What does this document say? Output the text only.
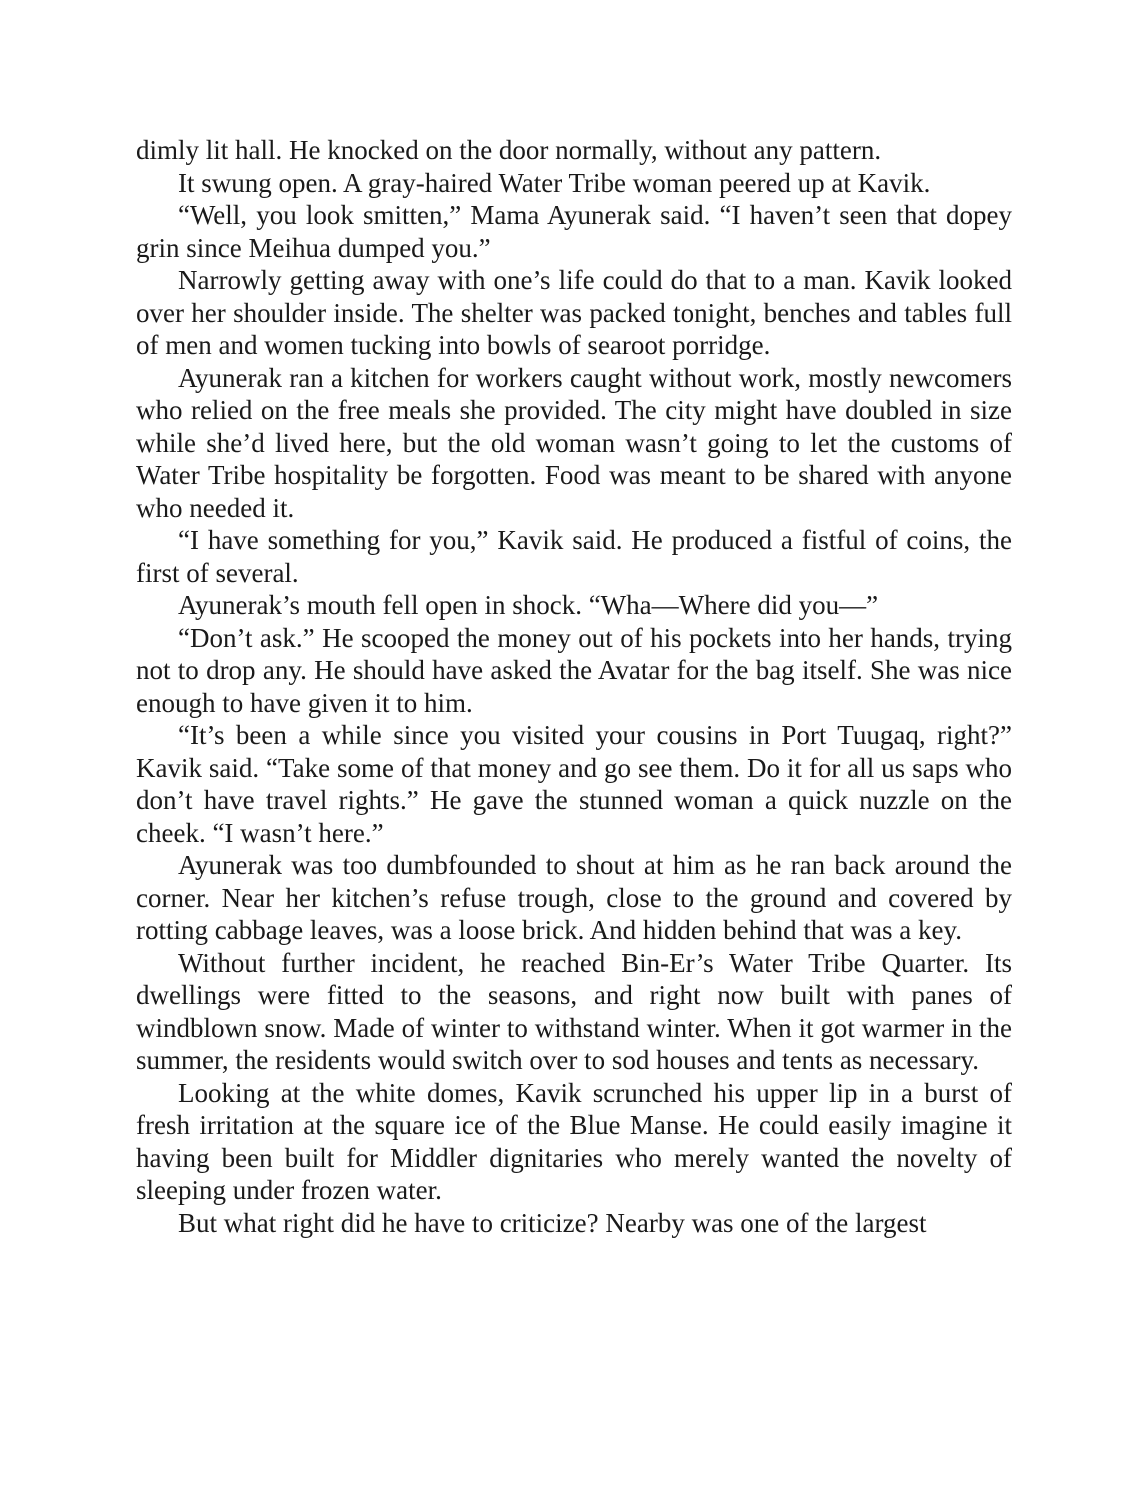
dimly lit hall. He knocked on the door normally, without any pattern.

It swung open. A gray-haired Water Tribe woman peered up at Kavik.

“Well, you look smitten,” Mama Ayunerak said. “I haven’t seen that dopey grin since Meihua dumped you.”

Narrowly getting away with one’s life could do that to a man. Kavik looked over her shoulder inside. The shelter was packed tonight, benches and tables full of men and women tucking into bowls of searoot porridge.

Ayunerak ran a kitchen for workers caught without work, mostly newcomers who relied on the free meals she provided. The city might have doubled in size while she’d lived here, but the old woman wasn’t going to let the customs of Water Tribe hospitality be forgotten. Food was meant to be shared with anyone who needed it.

“I have something for you,” Kavik said. He produced a fistful of coins, the first of several.

Ayunerak’s mouth fell open in shock. “Wha—Where did you—”

“Don’t ask.” He scooped the money out of his pockets into her hands, trying not to drop any. He should have asked the Avatar for the bag itself. She was nice enough to have given it to him.

“It’s been a while since you visited your cousins in Port Tuugaq, right?” Kavik said. “Take some of that money and go see them. Do it for all us saps who don’t have travel rights.” He gave the stunned woman a quick nuzzle on the cheek. “I wasn’t here.”

Ayunerak was too dumbfounded to shout at him as he ran back around the corner. Near her kitchen’s refuse trough, close to the ground and covered by rotting cabbage leaves, was a loose brick. And hidden behind that was a key.

Without further incident, he reached Bin-Er’s Water Tribe Quarter. Its dwellings were fitted to the seasons, and right now built with panes of windblown snow. Made of winter to withstand winter. When it got warmer in the summer, the residents would switch over to sod houses and tents as necessary.

Looking at the white domes, Kavik scrunched his upper lip in a burst of fresh irritation at the square ice of the Blue Manse. He could easily imagine it having been built for Middler dignitaries who merely wanted the novelty of sleeping under frozen water.

But what right did he have to criticize? Nearby was one of the largest
